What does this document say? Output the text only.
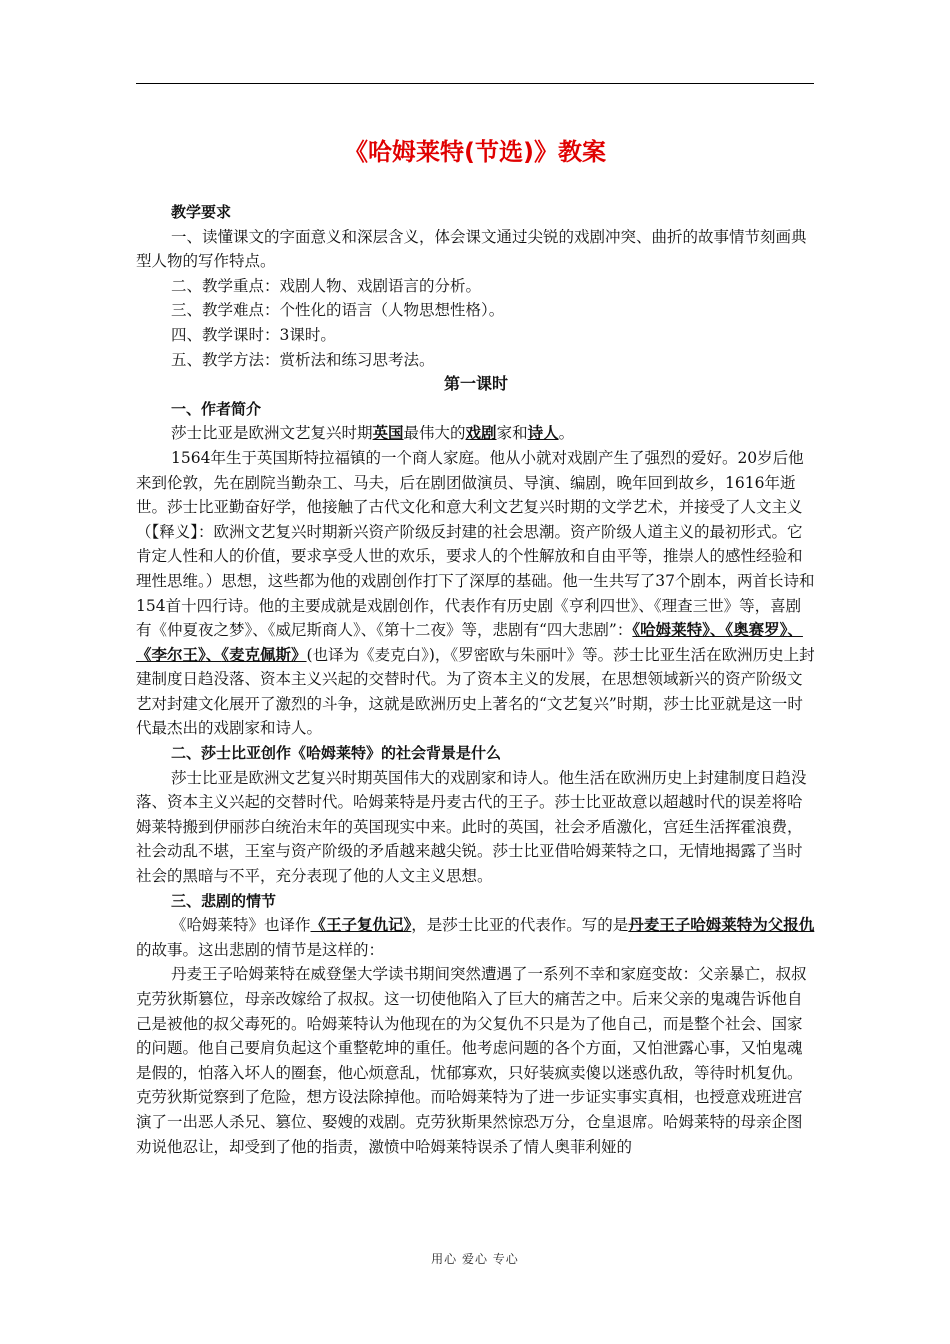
《哈姆莱特(节选)》教案

教学要求

一、读懂课文的字面意义和深层含义，体会课文通过尖锐的戏剧冲突、曲折的故事情节刻画典型人物的写作特点。

二、教学重点：戏剧人物、戏剧语言的分析。

三、教学难点：个性化的语言（人物思想性格）。

四、教学课时：3课时。

五、教学方法：赏析法和练习思考法。

第一课时

一、作者简介

莎士比亚是欧洲文艺复兴时期英国最伟大的戏剧家和诗人。

1564年生于英国斯特拉福镇的一个商人家庭。他从小就对戏剧产生了强烈的爱好。20岁后他来到伦敦，先在剧院当勤杂工、马夫，后在剧团做演员、导演、编剧，晚年回到故乡，1616年逝世。莎士比亚勤奋好学，他接触了古代文化和意大利文艺复兴时期的文学艺术，并接受了人文主义（【释义】：欧洲文艺复兴时期新兴资产阶级反封建的社会思潮。资产阶级人道主义的最初形式。它肯定人性和人的价值，要求享受人世的欢乐，要求人的个性解放和自由平等，推崇人的感性经验和理性思维。）思想，这些都为他的戏剧创作打下了深厚的基础。他一生共写了37个剧本，两首长诗和154首十四行诗。他的主要成就是戏剧创作，代表作有历史剧《亨利四世》、《理查三世》等，喜剧有《仲夏夜之梦》、《威尼斯商人》、《第十二夜》等，悲剧有“四大悲剧”：《哈姆莱特》、《奥赛罗》、《李尔王》、《麦克佩斯》(也译为《麦克白》)，《罗密欧与朱丽叶》等。莎士比亚生活在欧洲历史上封建制度日趋没落、资本主义兴起的交替时代。为了资本主义的发展，在思想领域新兴的资产阶级文艺对封建文化展开了激烈的斗争，这就是欧洲历史上著名的“文艺复兴”时期，莎士比亚就是这一时代最杰出的戏剧家和诗人。

二、莎士比亚创作《哈姆莱特》的社会背景是什么

莎士比亚是欧洲文艺复兴时期英国伟大的戏剧家和诗人。他生活在欧洲历史上封建制度日趋没落、资本主义兴起的交替时代。哈姆莱特是丹麦古代的王子。莎士比亚故意以超越时代的误差将哈姆莱特搬到伊丽莎白统治末年的英国现实中来。此时的英国，社会矛盾激化，宫廷生活挥霍浪费，社会动乱不堪，王室与资产阶级的矛盾越来越尖锐。莎士比亚借哈姆莱特之口，无情地揭露了当时社会的黑暗与不平，充分表现了他的人文主义思想。

三、悲剧的情节

《哈姆莱特》也译作《王子复仇记》，是莎士比亚的代表作。写的是丹麦王子哈姆莱特为父报仇的故事。这出悲剧的情节是这样的：

丹麦王子哈姆莱特在威登堡大学读书期间突然遭遇了一系列不幸和家庭变故：父亲暴亡，叔叔克劳狄斯篡位，母亲改嫁给了叔叔。这一切使他陷入了巨大的痛苦之中。后来父亲的鬼魂告诉他自己是被他的叔父毒死的。哈姆莱特认为他现在的为父复仇不只是为了他自己，而是整个社会、国家的问题。他自己要肩负起这个重整乾坤的重任。他考虑问题的各个方面，又怕泄露心事，又怕鬼魂是假的，怕落入坏人的圈套，他心烦意乱，忧郁寡欢，只好装疯卖傻以迷惑仇敌，等待时机复仇。克劳狄斯觉察到了危险，想方设法除掉他。而哈姆莱特为了进一步证实事实真相，也授意戏班进宫演了一出恶人杀兄、篡位、娶嫂的戏剧。克劳狄斯果然惊恐万分，仓皇退席。哈姆莱特的母亲企图劝说他忍让，却受到了他的指责，激愤中哈姆莱特误杀了情人奥菲利娅的

用心 爱心 专心
